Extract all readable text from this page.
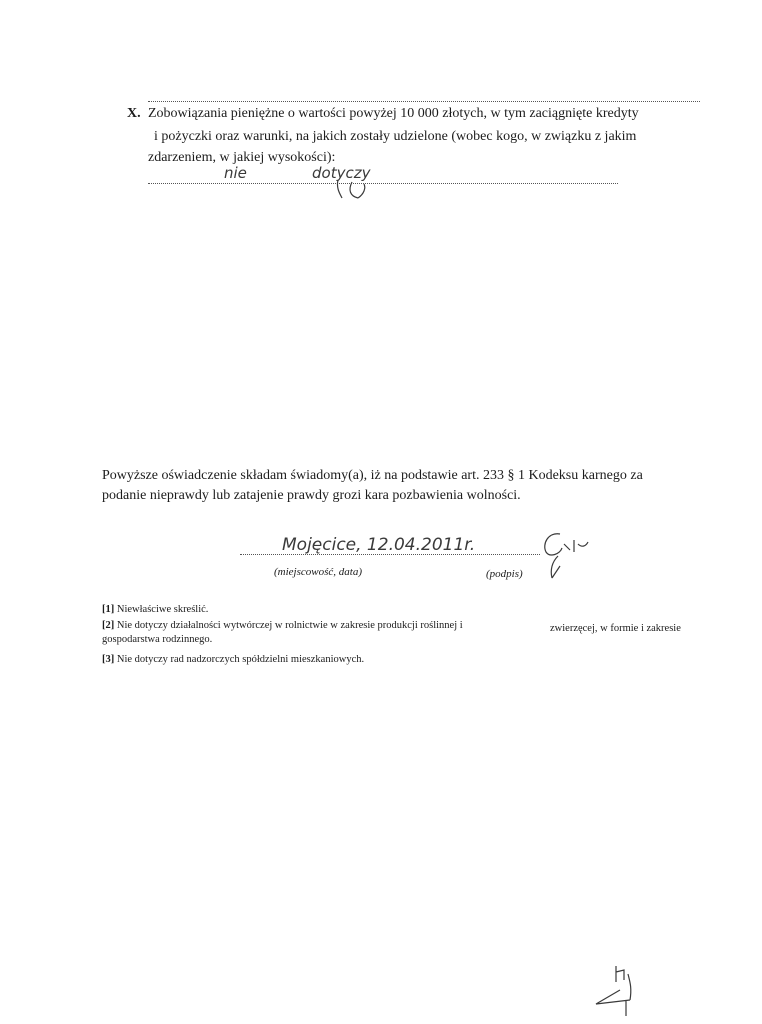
X. Zobowiązania pieniężne o wartości powyżej 10 000 złotych, w tym zaciągnięte kredyty
i pożyczki oraz warunki, na jakich zostały udzielone (wobec kogo, w związku z jakim
zdarzeniem, w jakiej wysokości):
nie	dotyczy
Powyższe oświadczenie składam świadomy(a), iż na podstawie art. 233 § 1 Kodeksu karnego za
podanie nieprawdy lub zatajenie prawdy grozi kara pozbawienia wolności.
Mojęcice, 12.04.2011r.
(miejscowość, data)	(podpis)
[1] Niewłaściwe skreślić.
[2] Nie dotyczy działalności wytwórczej w rolnictwie w zakresie produkcji roślinnej i	zwierzęcej, w formie i zakresie
gospodarstwa rodzinnego.
[3] Nie dotyczy rad nadzorczych spółdzielni mieszkaniowych.
